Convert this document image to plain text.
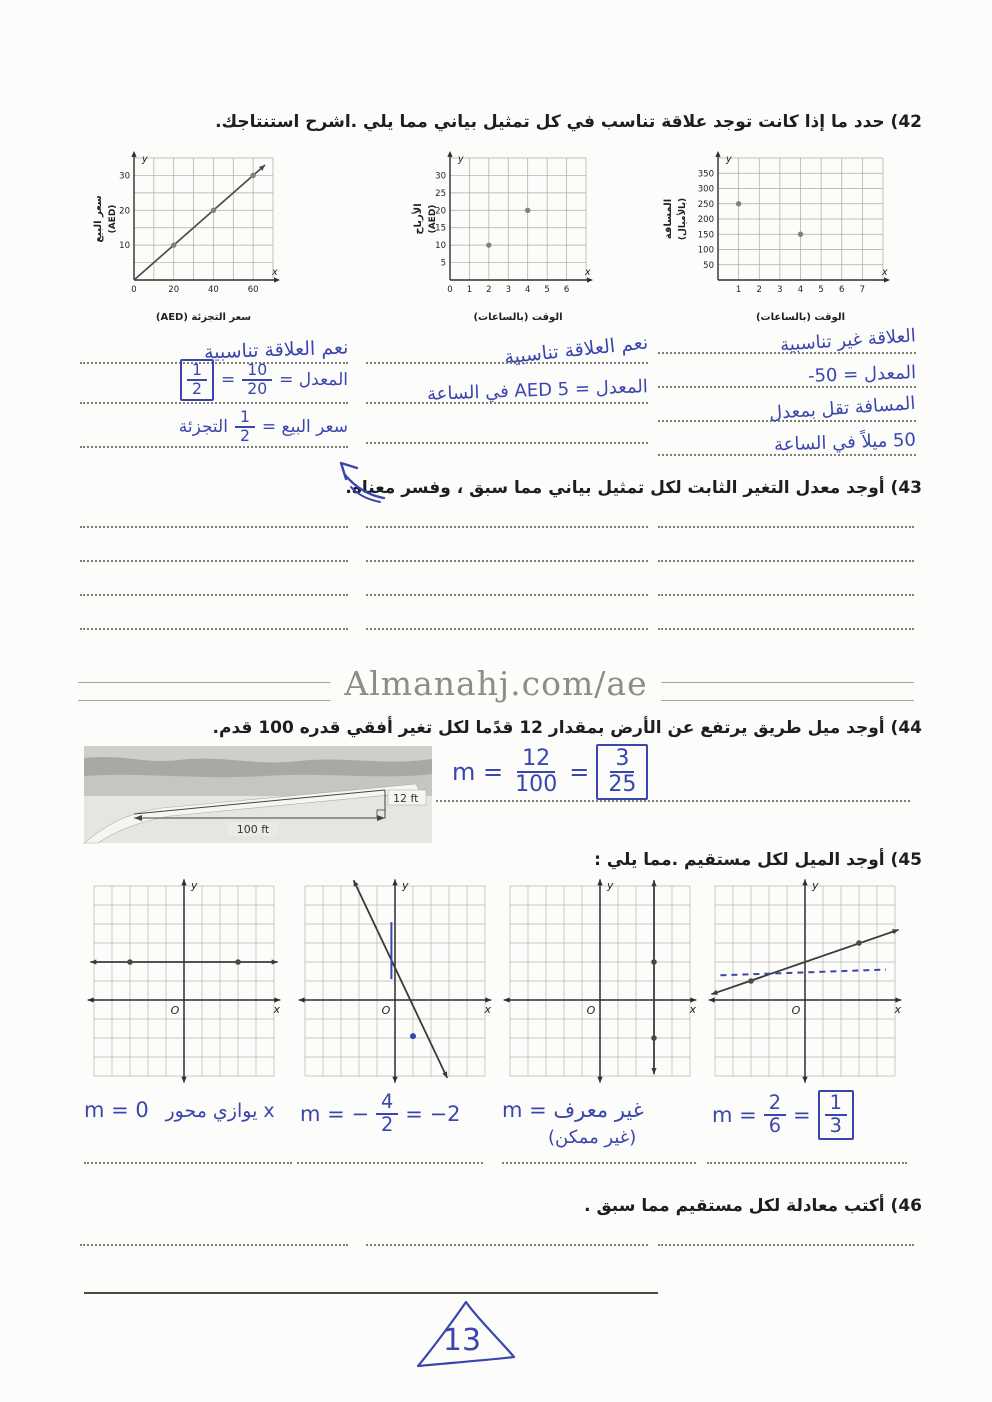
42) حدد ما إذا كانت توجد علاقة تناسب في كل تمثيل بياني مما يلي .اشرح استنتاجك.
y
x
10
20
30
0	20	40	60
سعر التجزئة (AED)
سعر البيع (AED)
y
x
5
10
15
20
25
30
0 1 2 3 4 5 6
الوقت (بالساعات)
الأرباح (AED)
y
x
50
100
150
200
250
300
350
1 2 3 4 5 6 7
الوقت (بالساعات)
المسافة (بالأميال)
نعم العلاقة تناسبية
المعدل =
$\frac{10}{20}$
=
$\frac{1}{2}$
سعر البيع =
$\frac{1}{2}$
التجزئة
نعم العلاقة تناسبية
المعدل = AED 5 في الساعة
العلاقة غير تناسبية
المعدل = 50-
المسافة تقل بمعدل
50 ميلاً في الساعة
43) أوجد معدل التغير الثابت لكل تمثيل بياني مما سبق ، وفسر معناه.
Almanahj.com/ae
44) أوجد ميل طريق يرتفع عن الأرض بمقدار 12 قدًما لكل تغير أفقي قدره 100 قدم.
12 ft
100 ft
$m = \frac{12}{100} = \frac{3}{25}$
45) أوجد الميل لكل مستقيم .مما يلي :
O	x
y
O	x
y
O	x
y
O	x
y
m = 0 يوازي محور x	m = − $\frac{4}{2} = -2$ m = غير معرف
(غير ممكن)
$m = \frac{2}{6} = \frac{1}{3}$
46) أكتب معادلة لكل مستقيم مما سبق .
13
